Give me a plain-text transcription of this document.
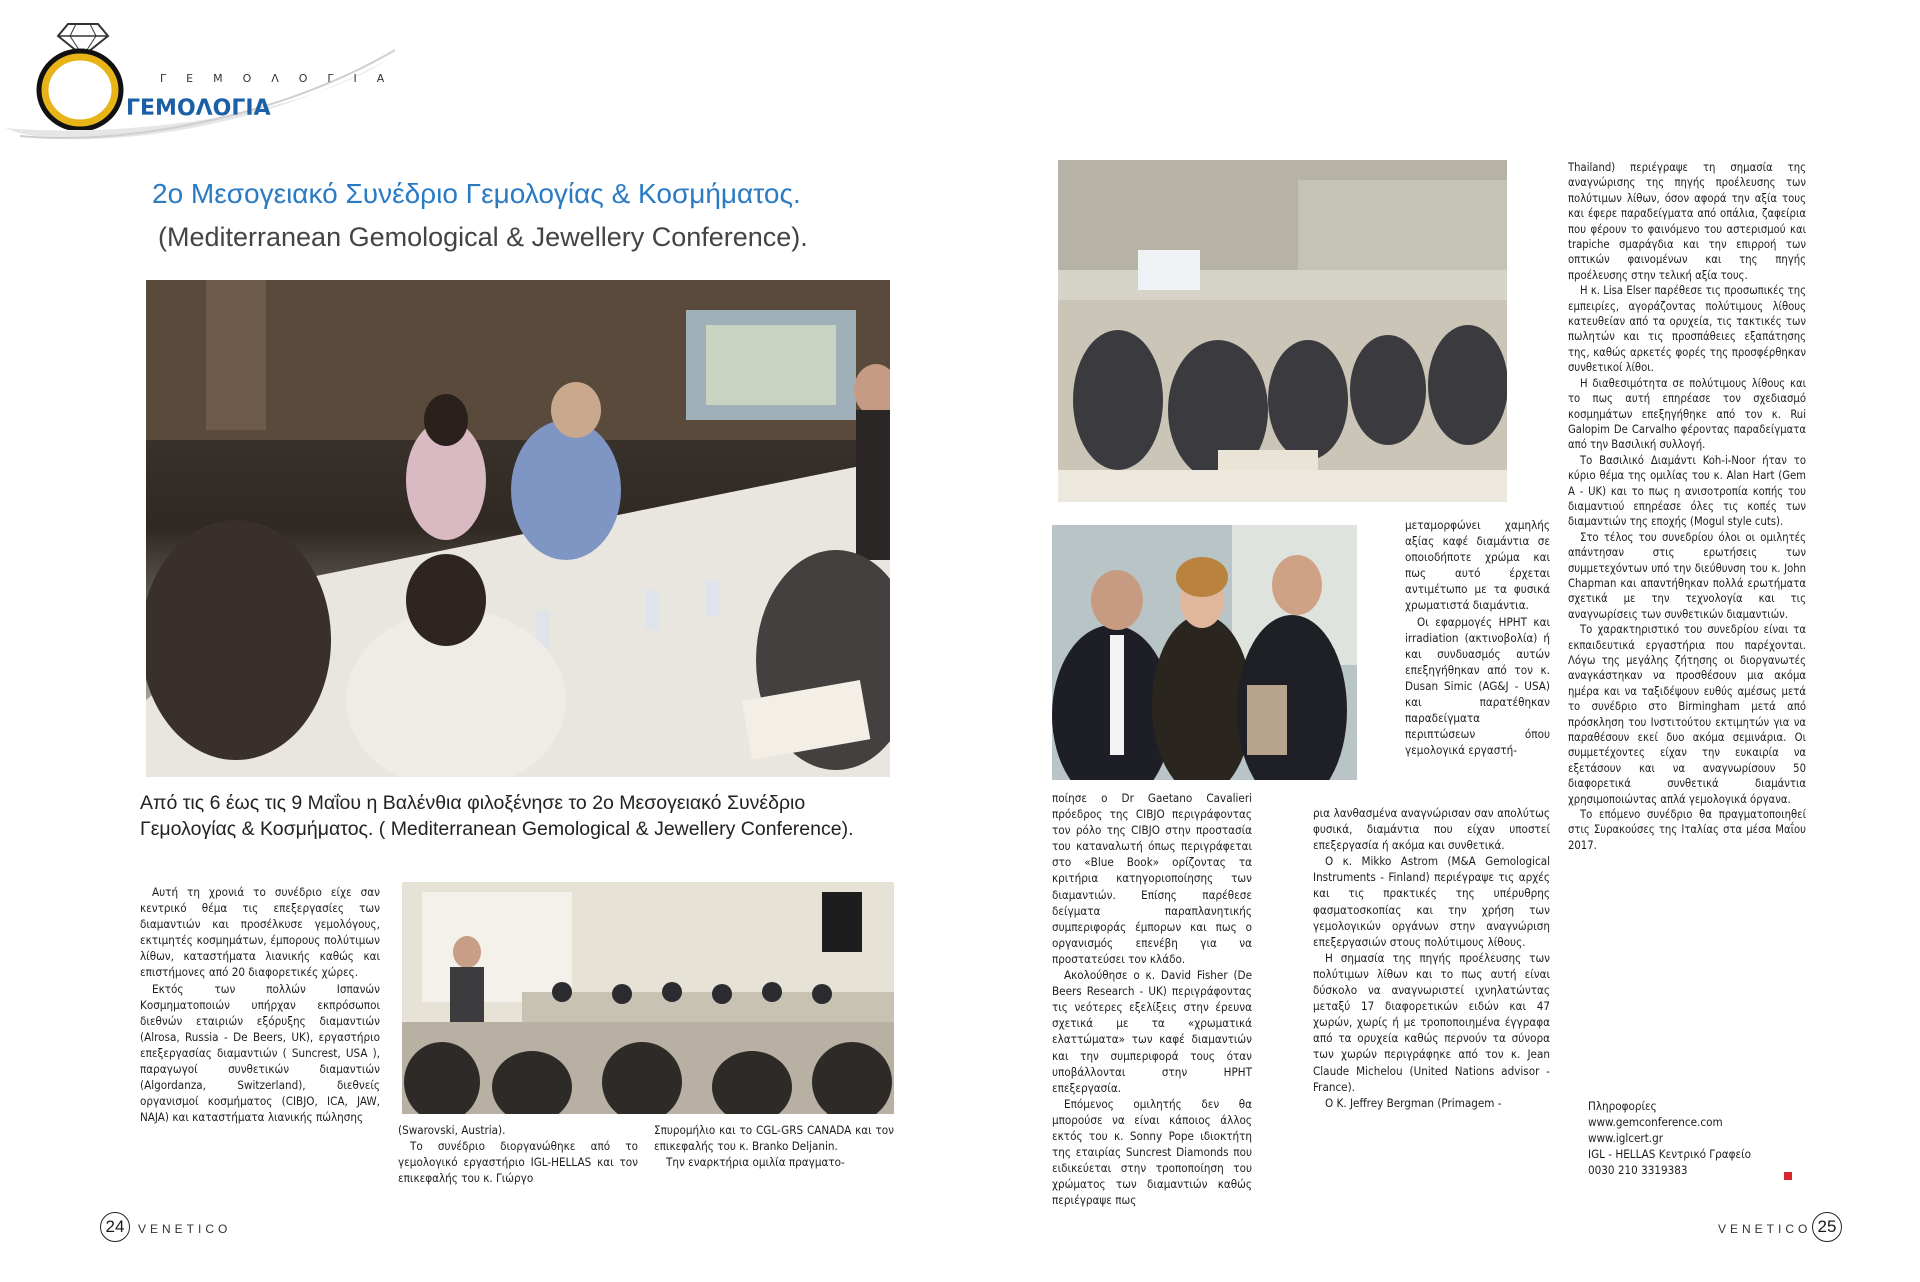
ΓΕΜΟΛΟΓΙΑ
ΓΕΜΟΛΟΓΙΑ
2ο Μεσογειακό Συνέδριο Γεμολογίας & Κοσμήματος.
(Mediterranean Gemological & Jewellery Conference).
Από τις 6 έως τις 9 Μαΐου η Βαλένθια φιλοξένησε το 2ο Μεσογειακό Συνέδριο Γεμολογίας & Κοσμήματος. ( Mediterranean Gemological & Jewellery Conference).

Αυτή τη χρονιά το συνέδριο είχε σαν κεντρικό θέμα τις επεξεργασίες των διαμαντιών και προσέλκυσε γεμολόγους, εκτιμητές κοσμημάτων, έμπορους πολύτιμων λίθων, καταστήματα λιανικής καθώς και επιστήμονες από 20 διαφορετικές χώρες.

Εκτός των πολλών Ισπανών Κοσμηματοποιών υπήρχαν εκπρόσωποι διεθνών εταιριών εξόρυξης διαμαντιών (Alrosa, Russia - De Beers, UK), εργαστήριο επεξεργασίας διαμαντιών ( Suncrest, USA ), παραγωγοί συνθετικών διαμαντιών (Algordanza, Switzerland), διεθνείς οργανισμοί κοσμήματος (CIBJO, ICA, JAW, NAJA) και καταστήματα λιανικής πώλησης

(Swarovski, Austria).

Το συνέδριο διοργανώθηκε από το γεμολογικό εργαστήριο IGL-HELLAS και τον επικεφαλής του κ. Γιώργο

Σπυρομήλιο και το CGL-GRS CANADA και τον επικεφαλής του κ. Branko Deljanin.

Την εναρκτήρια ομιλία πραγματο-

ποίησε ο Dr Gaetano Cavalieri πρόεδρος της CIBJO περιγράφοντας τον ρόλο της CIBJO στην προστασία του καταναλωτή όπως περιγράφεται στο «Blue Book» ορίζοντας τα κριτήρια κατηγοριοποίησης των διαμαντιών. Επίσης παρέθεσε δείγματα παραπλανητικής συμπεριφοράς έμπορων και πως ο οργανισμός επενέβη για να προστατεύσει τον κλάδο.

Ακολούθησε ο κ. David Fisher (De Beers Research - UK) περιγράφοντας τις νεότερες εξελίξεις στην έρευνα σχετικά με τα «χρωματικά ελαττώματα» των καφέ διαμαντιών και την συμπεριφορά τους όταν υποβάλλονται στην HPHT επεξεργασία.

Επόμενος ομιλητής δεν θα μπορούσε να είναι κάποιος άλλος εκτός του κ. Sonny Pope ιδιοκτήτη της εταιρίας Suncrest Diamonds που ειδικεύεται στην τροποποίηση του χρώματος των διαμαντιών καθώς περιέγραψε πως

μεταμορφώνει χαμηλής αξίας καφέ διαμάντια σε οποιοδήποτε χρώμα και πως αυτό έρχεται αντιμέτωπο με τα φυσικά χρωματιστά διαμάντια.

Οι εφαρμογές HPHT και irradiation (ακτινοβολία) ή και συνδυασμός αυτών επεξηγήθηκαν από τον κ. Dusan Simic (AG&J - USA) και παρατέθηκαν παραδείγματα περιπτώσεων όπου γεμολογικά εργαστή-

ρια λανθασμένα αναγνώρισαν σαν απολύτως φυσικά, διαμάντια που είχαν υποστεί επεξεργασία ή ακόμα και συνθετικά.

Ο κ. Mikko Astrom (M&A Gemological Instruments - Finland) περιέγραψε τις αρχές και τις πρακτικές της υπέρυθρης φασματοσκοπίας και την χρήση των γεμολογικών οργάνων στην αναγνώριση επεξεργασιών στους πολύτιμους λίθους.

Η σημασία της πηγής προέλευσης των πολύτιμων λίθων και το πως αυτή είναι δύσκολο να αναγνωριστεί ιχνηλατώντας μεταξύ 17 διαφορετικών ειδών και 47 χωρών, χωρίς ή με τροποποιημένα έγγραφα από τα ορυχεία καθώς περνούν τα σύνορα των χωρών περιγράφηκε από τον κ. Jean Claude Michelou (United Nations advisor - France).

Ο Κ. Jeffrey Bergman (Primagem -

Thailand) περιέγραψε τη σημασία της αναγνώρισης της πηγής προέλευσης των πολύτιμων λίθων, όσον αφορά την αξία τους και έφερε παραδείγματα από οπάλια, ζαφείρια που φέρουν το φαινόμενο του αστερισμού και trapiche σμαράγδια και την επιρροή των οπτικών φαινομένων και της πηγής προέλευσης στην τελική αξία τους.

Η κ. Lisa Elser παρέθεσε τις προσωπικές της εμπειρίες, αγοράζοντας πολύτιμους λίθους κατευθείαν από τα ορυχεία, τις τακτικές των πωλητών και τις προσπάθειες εξαπάτησης της, καθώς αρκετές φορές της προσφέρθηκαν συνθετικοί λίθοι.

Η διαθεσιμότητα σε πολύτιμους λίθους και το πως αυτή επηρέασε τον σχεδιασμό κοσμημάτων επεξηγήθηκε από τον κ. Rui Galopim De Carvalho φέροντας παραδείγματα από την Βασιλική συλλογή.

Το Βασιλικό Διαμάντι Koh-i-Noor ήταν το κύριο θέμα της ομιλίας του κ. Alan Hart (Gem A - UK) και το πως η ανισοτροπία κοπής του διαμαντιού επηρέασε όλες τις κοπές των διαμαντιών της εποχής (Mogul style cuts).

Στο τέλος του συνεδρίου όλοι οι ομιλητές απάντησαν στις ερωτήσεις των συμμετεχόντων υπό την διεύθυνση του κ. John Chapman και απαντήθηκαν πολλά ερωτήματα σχετικά με την τεχνολογία και τις αναγνωρίσεις των συνθετικών διαμαντιών.

Το χαρακτηριστικό του συνεδρίου είναι τα εκπαιδευτικά εργαστήρια που παρέχονται. Λόγω της μεγάλης ζήτησης οι διοργανωτές αναγκάστηκαν να προσθέσουν μια ακόμα ημέρα και να ταξιδέψουν ευθύς αμέσως μετά το συνέδριο στο Birmingham μετά από πρόσκληση του Ινστιτούτου εκτιμητών για να παραθέσουν εκεί δυο ακόμα σεμινάρια. Οι συμμετέχοντες είχαν την ευκαιρία να εξετάσουν και να αναγνωρίσουν 50 διαφορετικά συνθετικά διαμάντια χρησιμοποιώντας απλά γεμολογικά όργανα.

Το επόμενο συνέδριο θα πραγματοποιηθεί στις Συρακούσες της Ιταλίας στα μέσα Μαΐου 2017.

Πληροφορίες
www.gemconference.com
www.iglcert.gr
IGL - HELLAS Κεντρικό Γραφείο
0030 210 3319383
24	VENETICO	VENETICO 25
